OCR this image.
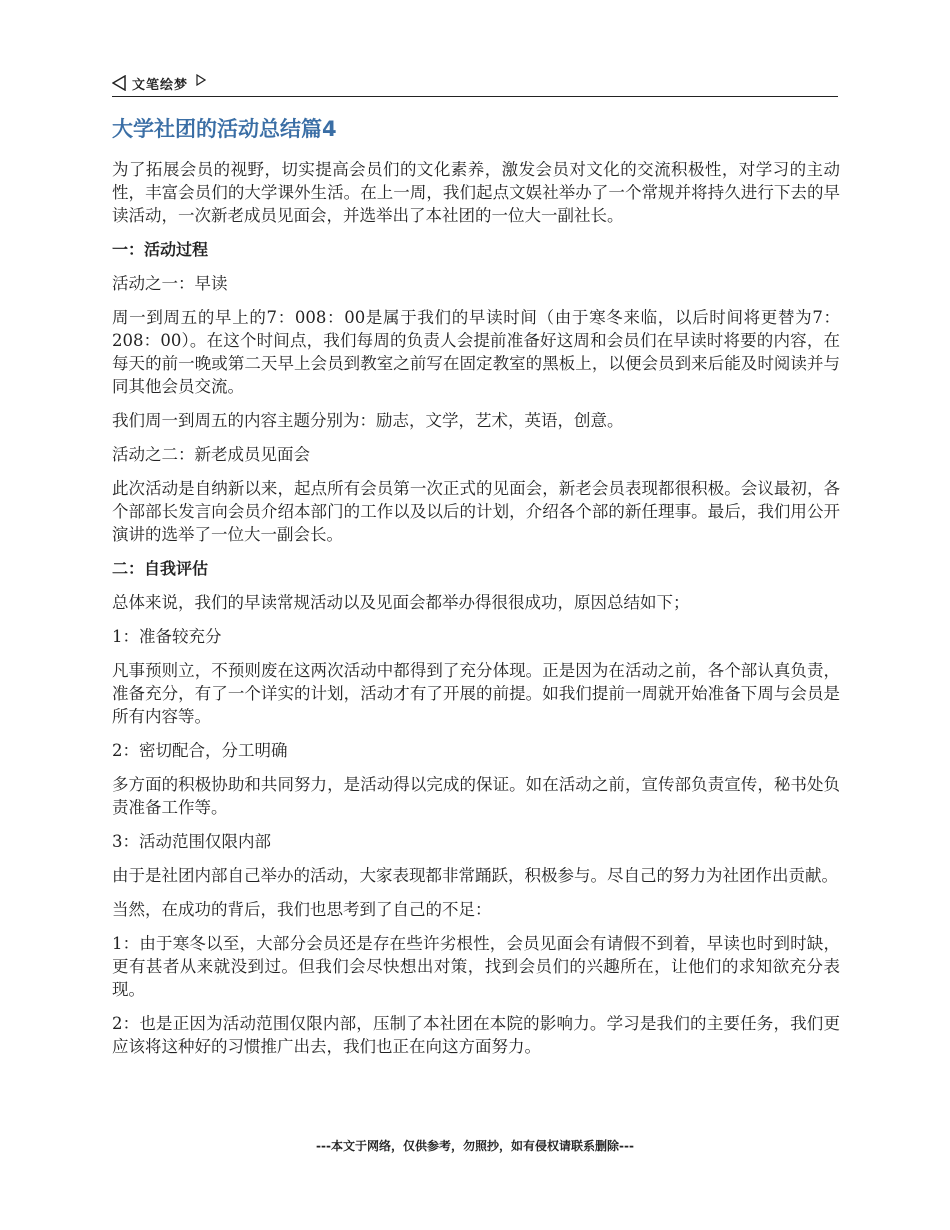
文笔绘梦
大学社团的活动总结篇4

为了拓展会员的视野，切实提高会员们的文化素养，激发会员对文化的交流积极性，对学习的主动性，丰富会员们的大学课外生活。在上一周，我们起点文娱社举办了一个常规并将持久进行下去的早读活动，一次新老成员见面会，并选举出了本社团的一位大一副社长。

一：活动过程

活动之一：早读

周一到周五的早上的7：008：00是属于我们的早读时间（由于寒冬来临，以后时间将更替为7：208：00）。在这个时间点，我们每周的负责人会提前准备好这周和会员们在早读时将要的内容，在每天的前一晚或第二天早上会员到教室之前写在固定教室的黑板上，以便会员到来后能及时阅读并与同其他会员交流。

我们周一到周五的内容主题分别为：励志，文学，艺术，英语，创意。

活动之二：新老成员见面会

此次活动是自纳新以来，起点所有会员第一次正式的见面会，新老会员表现都很积极。会议最初，各个部部长发言向会员介绍本部门的工作以及以后的计划，介绍各个部的新任理事。最后，我们用公开演讲的选举了一位大一副会长。

二：自我评估

总体来说，我们的早读常规活动以及见面会都举办得很很成功，原因总结如下；

1：准备较充分

凡事预则立，不预则废在这两次活动中都得到了充分体现。正是因为在活动之前，各个部认真负责，准备充分，有了一个详实的计划，活动才有了开展的前提。如我们提前一周就开始准备下周与会员是所有内容等。

2：密切配合，分工明确

多方面的积极协助和共同努力，是活动得以完成的保证。如在活动之前，宣传部负责宣传，秘书处负责准备工作等。

3：活动范围仅限内部

由于是社团内部自己举办的活动，大家表现都非常踊跃，积极参与。尽自己的努力为社团作出贡献。

当然，在成功的背后，我们也思考到了自己的不足：

1：由于寒冬以至，大部分会员还是存在些许劣根性，会员见面会有请假不到着，早读也时到时缺，更有甚者从来就没到过。但我们会尽快想出对策，找到会员们的兴趣所在，让他们的求知欲充分表现。

2：也是正因为活动范围仅限内部，压制了本社团在本院的影响力。学习是我们的主要任务，我们更应该将这种好的习惯推广出去，我们也正在向这方面努力。

---本文于网络，仅供参考，勿照抄，如有侵权请联系删除---
